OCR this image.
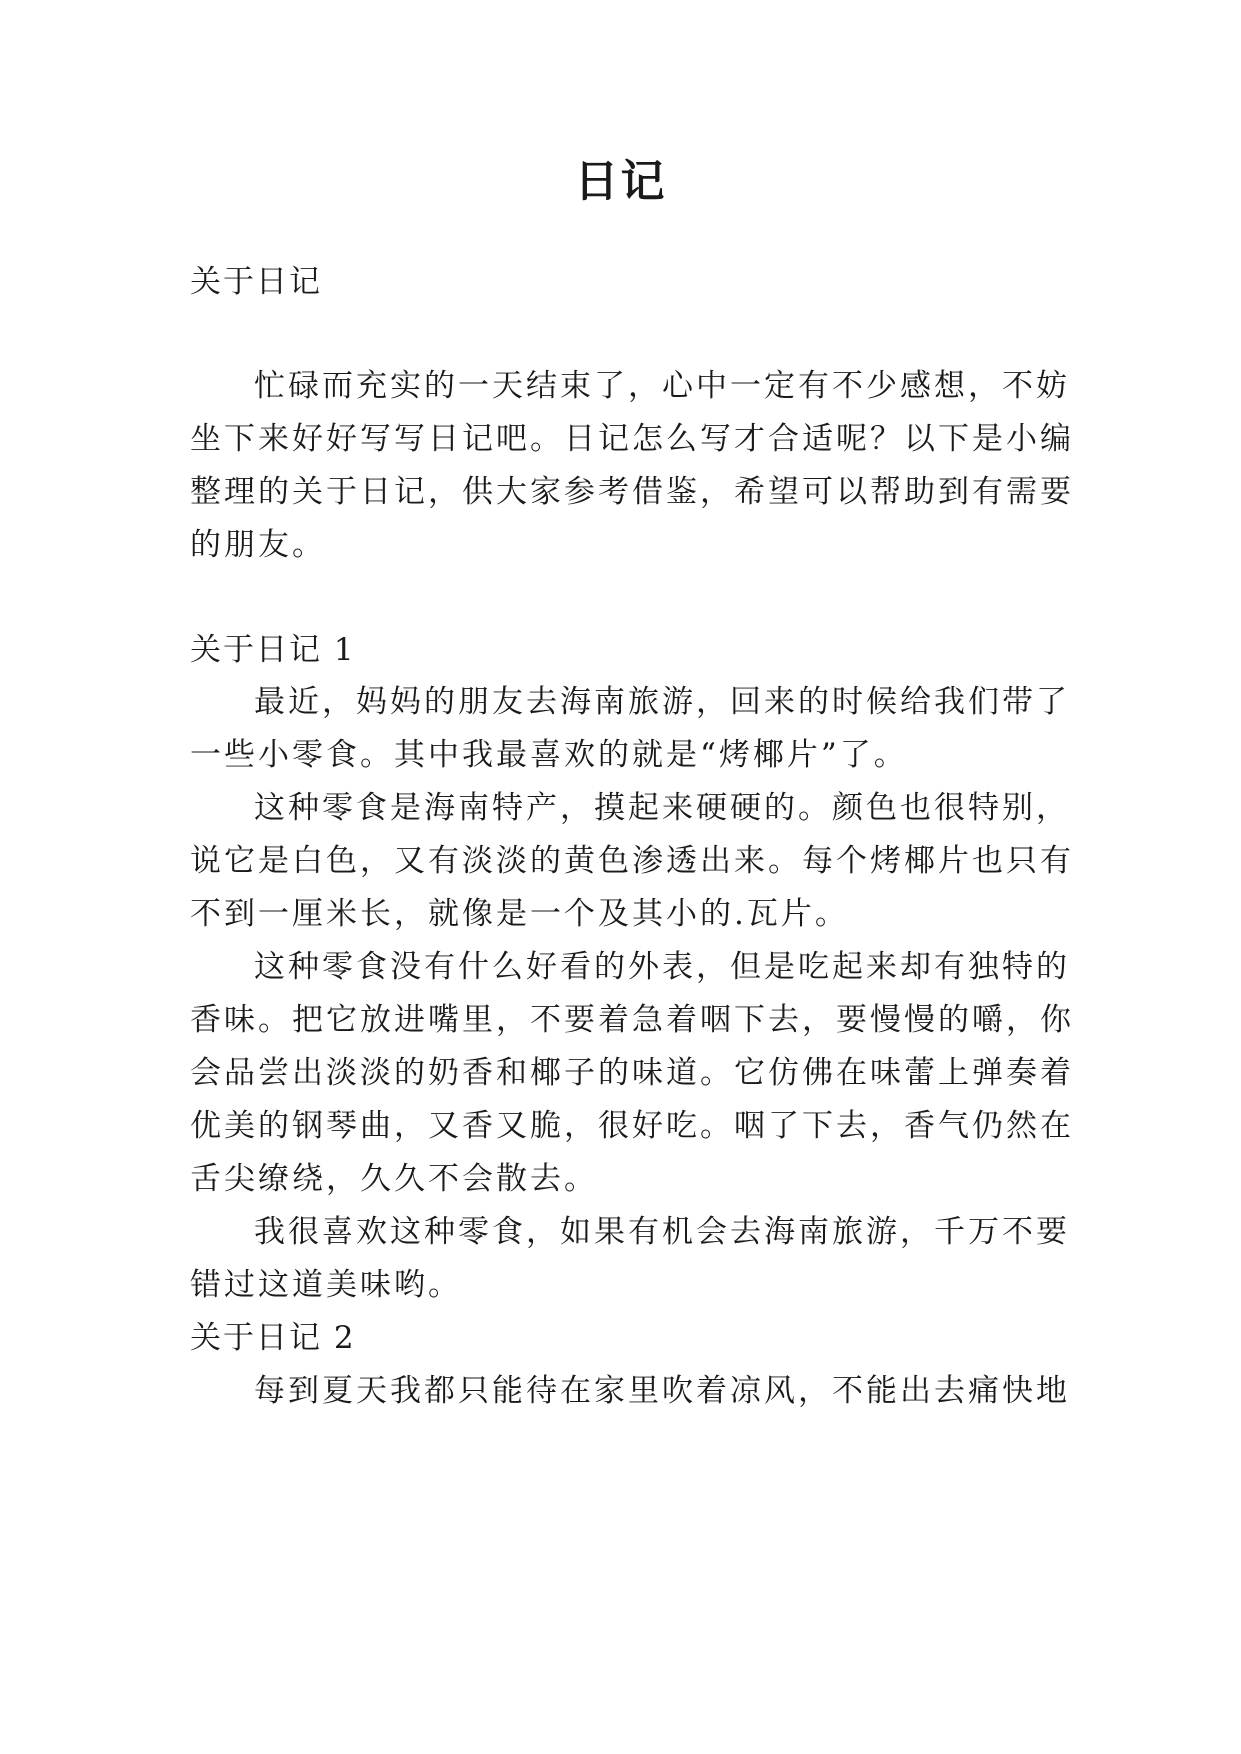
日记

关于日记

忙碌而充实的一天结束了，心中一定有不少感想，不妨

坐下来好好写写日记吧。日记怎么写才合适呢？以下是小编

整理的关于日记，供大家参考借鉴，希望可以帮助到有需要

的朋友。

关于日记 1

最近，妈妈的朋友去海南旅游，回来的时候给我们带了

一些小零食。其中我最喜欢的就是“烤椰片”了。

这种零食是海南特产，摸起来硬硬的。颜色也很特别，

说它是白色，又有淡淡的黄色渗透出来。每个烤椰片也只有

不到一厘米长，就像是一个及其小的.瓦片。

这种零食没有什么好看的外表，但是吃起来却有独特的

香味。把它放进嘴里，不要着急着咽下去，要慢慢的嚼，你

会品尝出淡淡的奶香和椰子的味道。它仿佛在味蕾上弹奏着

优美的钢琴曲，又香又脆，很好吃。咽了下去，香气仍然在

舌尖缭绕，久久不会散去。

我很喜欢这种零食，如果有机会去海南旅游，千万不要

错过这道美味哟。

关于日记 2

每到夏天我都只能待在家里吹着凉风，不能出去痛快地
